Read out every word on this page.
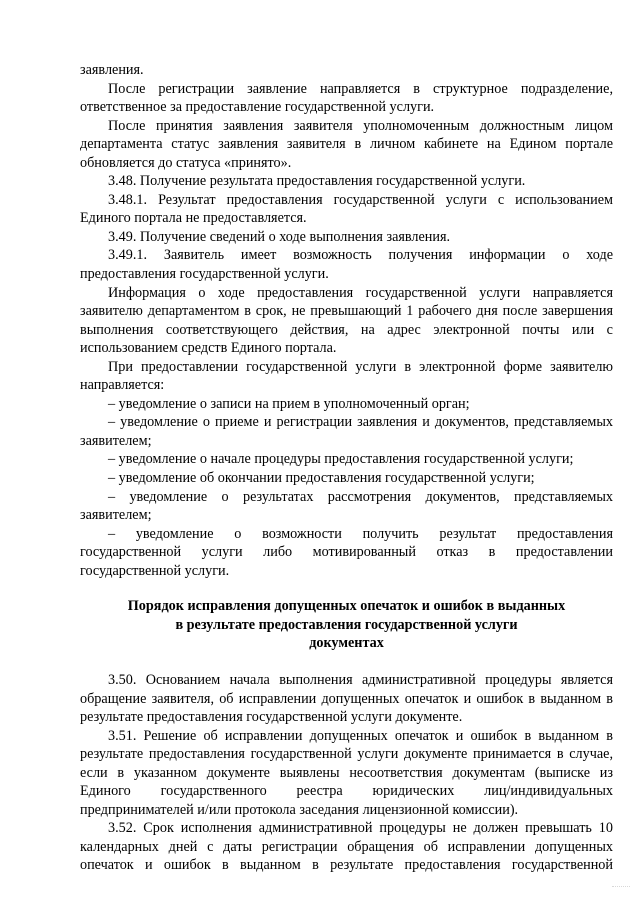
заявления.

После регистрации заявление направляется в структурное подразделение, ответственное за предоставление государственной услуги.

После принятия заявления заявителя уполномоченным должностным лицом департамента статус заявления заявителя в личном кабинете на Едином портале обновляется до статуса «принято».

3.48. Получение результата предоставления государственной услуги.

3.48.1. Результат предоставления государственной услуги с использованием Единого портала не предоставляется.

3.49. Получение сведений о ходе выполнения заявления.

3.49.1. Заявитель имеет возможность получения информации о ходе предоставления государственной услуги.

Информация о ходе предоставления государственной услуги направляется заявителю департаментом в срок, не превышающий 1 рабочего дня после завершения выполнения соответствующего действия, на адрес электронной почты или с использованием средств Единого портала.

При предоставлении государственной услуги в электронной форме заявителю направляется:

– уведомление о записи на прием в уполномоченный орган;

– уведомление о приеме и регистрации заявления и документов, представляемых заявителем;

– уведомление о начале процедуры предоставления государственной услуги;

– уведомление об окончании предоставления государственной услуги;

– уведомление о результатах рассмотрения документов, представляемых заявителем;

– уведомление о возможности получить результат предоставления государственной услуги либо мотивированный отказ в предоставлении государственной услуги.

Порядок исправления допущенных опечаток и ошибок в выданных

в результате предоставления государственной услуги

документах

3.50. Основанием начала выполнения административной процедуры является обращение заявителя, об исправлении допущенных опечаток и ошибок в выданном в результате предоставления государственной услуги документе.

3.51. Решение об исправлении допущенных опечаток и ошибок в выданном в результате предоставления государственной услуги документе принимается в случае, если в указанном документе выявлены несоответствия документам (выписке из Единого государственного реестра юридических лиц/индивидуальных предпринимателей и/или протокола заседания лицензионной комиссии).

3.52. Срок исполнения административной процедуры не должен превышать 10 календарных дней с даты регистрации обращения об исправлении допущенных опечаток и ошибок в выданном в результате предоставления государственной
